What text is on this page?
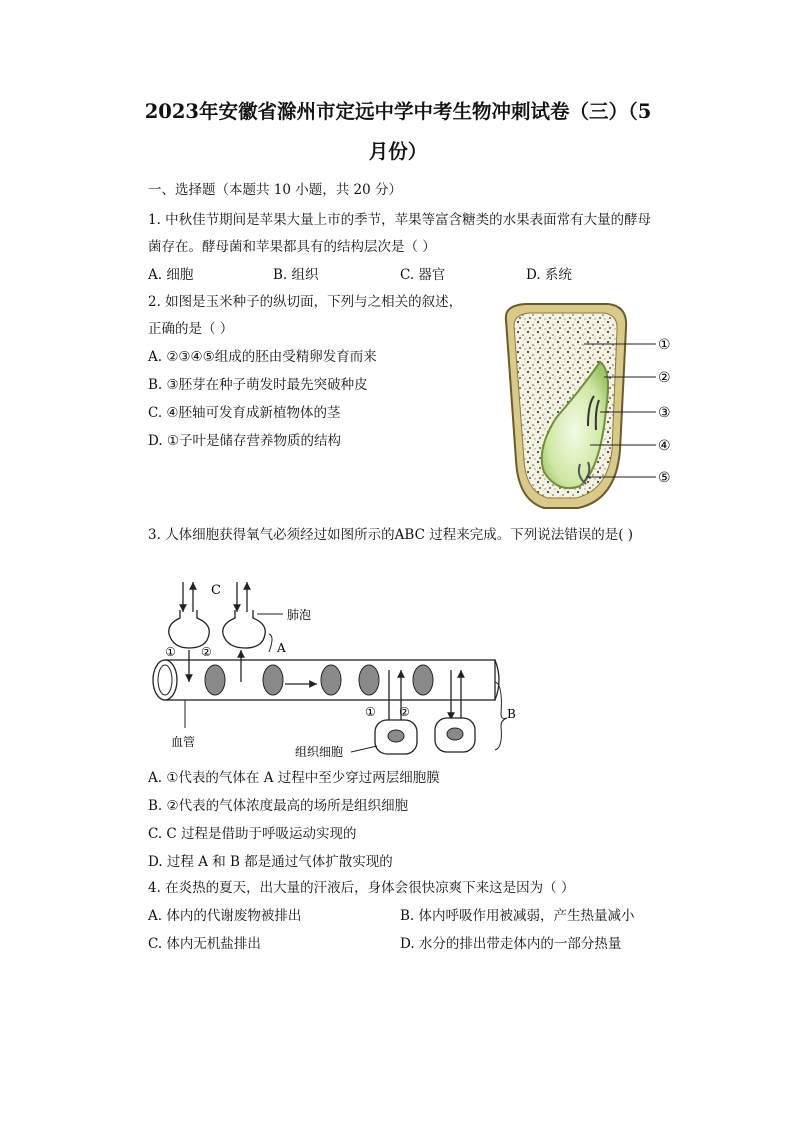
2023年安徽省滁州市定远中学中考生物冲刺试卷（三）（5
月份）
一、选择题（本题共 10 小题，共 20 分）
1. 中秋佳节期间是苹果大量上市的季节，苹果等富含糖类的水果表面常有大量的酵母
菌存在。酵母菌和苹果都具有的结构层次是（ ）
A. 细胞	B. 组织	C. 器官	D. 系统
2. 如图是玉米种子的纵切面，下列与之相关的叙述，
正确的是（ ）
A. ②③④⑤组成的胚由受精卵发育而来
B. ③胚芽在种子萌发时最先突破种皮
C. ④胚轴可发育成新植物体的茎
D. ①子叶是储存营养物质的结构
①
②
③
④
⑤
3. 人体细胞获得氧气必须经过如图所示的ABC 过程来完成。下列说法错误的是( )
C
肺泡
A
① ②
① ②	B
血管
组织细胞
A. ①代表的气体在 A 过程中至少穿过两层细胞膜
B. ②代表的气体浓度最高的场所是组织细胞
C. C 过程是借助于呼吸运动实现的
D. 过程 A 和 B 都是通过气体扩散实现的
4. 在炎热的夏天，出大量的汗液后，身体会很快凉爽下来这是因为（ ）
A. 体内的代谢废物被排出	B. 体内呼吸作用被减弱，产生热量减小
C. 体内无机盐排出	D. 水分的排出带走体内的一部分热量
